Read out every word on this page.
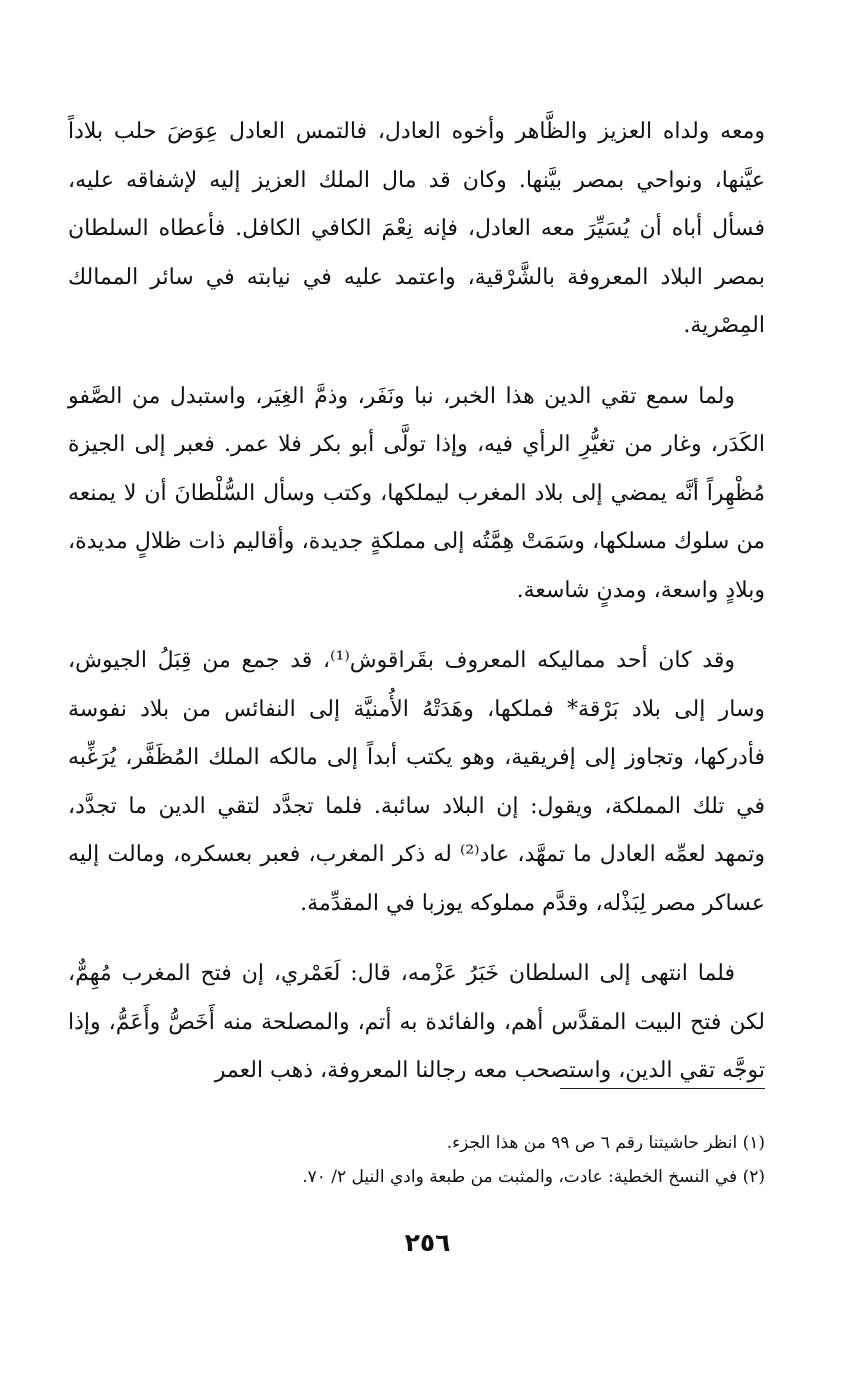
ومعه ولداه العزيز والظَّاهر وأخوه العادل، فالتمس العادل عِوَضَ حلب بلاداً عيَّنها، ونواحي بمصر بيَّنها. وكان قد مال الملك العزيز إليه لإشفاقه عليه، فسأل أباه أن يُسَيِّرَ معه العادل، فإنه نِعْمَ الكافي الكافل. فأعطاه السلطان بمصر البلاد المعروفة بالشَّرْقية، واعتمد عليه في نيابته في سائر الممالك المِصْرية.

ولما سمع تقي الدين هذا الخبر، نبا ونَفَر، وذمَّ الغِيَر، واستبدل من الصَّفو الكَدَر، وغار من تغيُّرِ الرأي فيه، وإذا تولَّى أبو بكر فلا عمر. فعبر إلى الجيزة مُظْهِراً أنَّه يمضي إلى بلاد المغرب ليملكها، وكتب وسأل السُّلْطانَ أن لا يمنعه من سلوك مسلكها، وسَمَتْ هِمَّتُه إلى مملكةٍ جديدة، وأقاليم ذات ظلالٍ مديدة، وبلادٍ واسعة، ومدنٍ شاسعة.

وقد كان أحد مماليكه المعروف بقَراقوش⁽¹⁾، قد جمع من قِبَلُ الجيوش، وسار إلى بلاد بَرْقة* فملكها، وهَدَتْهُ الأُمنيَّة إلى النفائس من بلاد نفوسة فأدركها، وتجاوز إلى إفريقية، وهو يكتب أبداً إلى مالكه الملك المُظَفَّر، يُرَغِّبه في تلك المملكة، ويقول: إن البلاد سائبة. فلما تجدَّد لتقي الدين ما تجدَّد، وتمهد لعمِّه العادل ما تمهَّد، عاد⁽²⁾ له ذكر المغرب، فعبر بعسكره، ومالت إليه عساكر مصر لِبَذْله، وقدَّم مملوكه يوزبا في المقدِّمة.

فلما انتهى إلى السلطان خَبَرُ عَزْمه، قال: لَعَمْري، إن فتح المغرب مُهِمٌّ، لكن فتح البيت المقدَّس أهم، والفائدة به أتم، والمصلحة منه أَخَصُّ وأَعَمُّ، وإذا توجَّه تقي الدين، واستصحب معه رجالنا المعروفة، ذهب العمر

(١) انظر حاشيتنا رقم ٦ ص ٩٩ من هذا الجزء.

(٢) في النسخ الخطية: عادت، والمثبت من طبعة وادي النيل ٢/ ٧٠.

٢٥٦
